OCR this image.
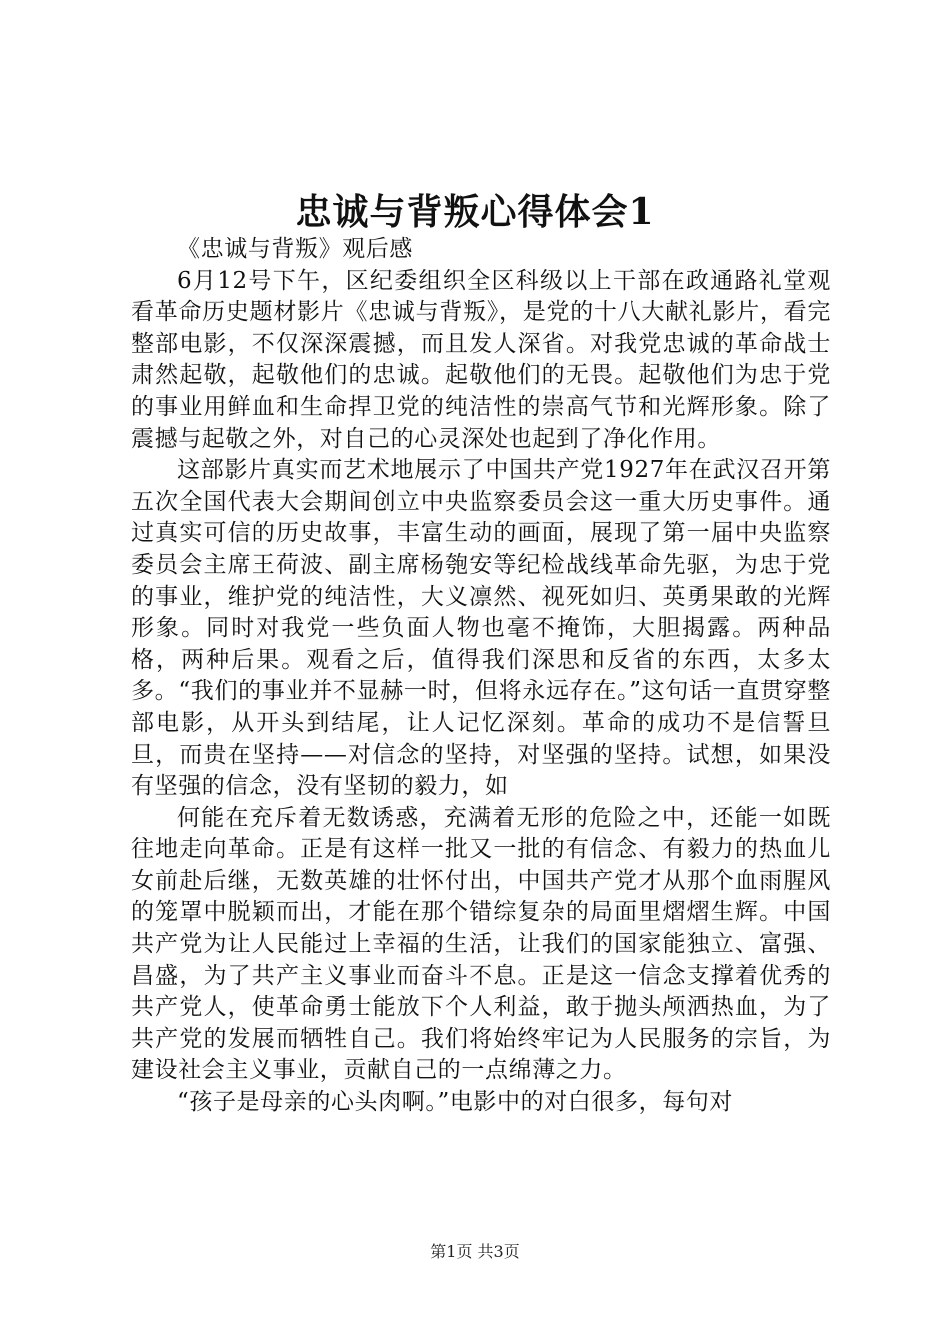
忠诚与背叛心得体会1

《忠诚与背叛》观后感

6月12号下午，区纪委组织全区科级以上干部在政通路礼堂观看革命历史题材影片《忠诚与背叛》，是党的十八大献礼影片，看完整部电影，不仅深深震撼，而且发人深省。对我党忠诚的革命战士肃然起敬，起敬他们的忠诚。起敬他们的无畏。起敬他们为忠于党的事业用鲜血和生命捍卫党的纯洁性的崇高气节和光辉形象。除了震撼与起敬之外，对自己的心灵深处也起到了净化作用。

这部影片真实而艺术地展示了中国共产党1927年在武汉召开第五次全国代表大会期间创立中央监察委员会这一重大历史事件。通过真实可信的历史故事，丰富生动的画面，展现了第一届中央监察委员会主席王荷波、副主席杨匏安等纪检战线革命先驱，为忠于党的事业，维护党的纯洁性，大义凛然、视死如归、英勇果敢的光辉形象。同时对我党一些负面人物也毫不掩饰，大胆揭露。两种品格，两种后果。观看之后，值得我们深思和反省的东西，太多太多。“我们的事业并不显赫一时，但将永远存在。”这句话一直贯穿整部电影，从开头到结尾，让人记忆深刻。革命的成功不是信誓旦旦，而贵在坚持——对信念的坚持，对坚强的坚持。试想，如果没有坚强的信念，没有坚韧的毅力，如

何能在充斥着无数诱惑，充满着无形的危险之中，还能一如既往地走向革命。正是有这样一批又一批的有信念、有毅力的热血儿女前赴后继，无数英雄的壮怀付出，中国共产党才从那个血雨腥风的笼罩中脱颖而出，才能在那个错综复杂的局面里熠熠生辉。中国共产党为让人民能过上幸福的生活，让我们的国家能独立、富强、昌盛，为了共产主义事业而奋斗不息。正是这一信念支撑着优秀的共产党人，使革命勇士能放下个人利益，敢于抛头颅洒热血，为了共产党的发展而牺牲自己。我们将始终牢记为人民服务的宗旨，为建设社会主义事业，贡献自己的一点绵薄之力。

“孩子是母亲的心头肉啊。”电影中的对白很多，每句对

第1页 共3页
